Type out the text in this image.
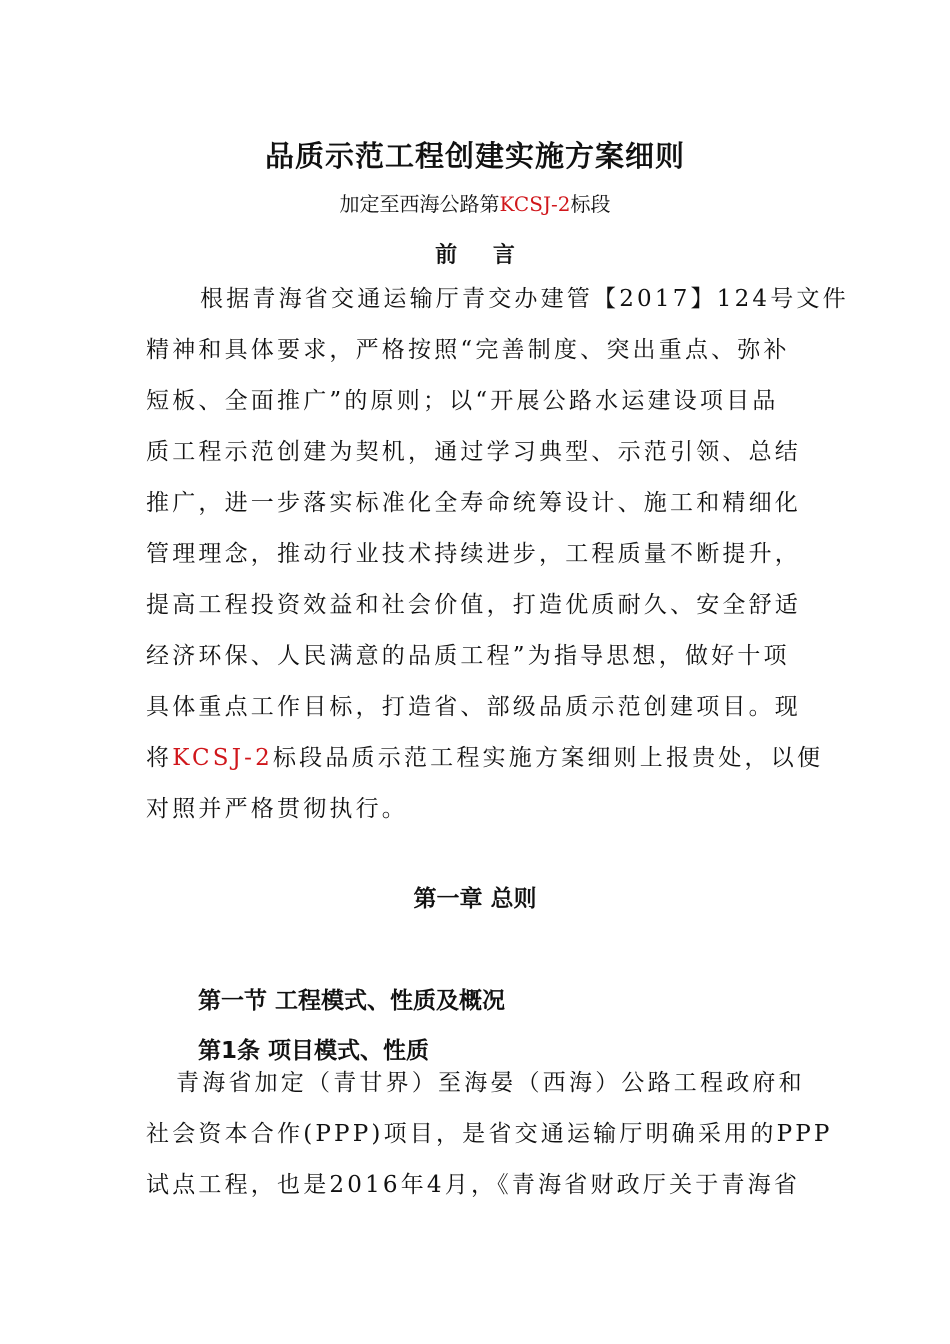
品质示范工程创建实施方案细则
加定至西海公路第KCSJ-2标段
前 言
根据青海省交通运输厅青交办建管【2017】124号文件
精神和具体要求，严格按照“完善制度、突出重点、弥补
短板、全面推广”的原则；以“开展公路水运建设项目品
质工程示范创建为契机，通过学习典型、示范引领、总结
推广，进一步落实标准化全寿命统筹设计、施工和精细化
管理理念，推动行业技术持续进步，工程质量不断提升，
提高工程投资效益和社会价值，打造优质耐久、安全舒适
经济环保、人民满意的品质工程”为指导思想，做好十项
具体重点工作目标，打造省、部级品质示范创建项目。现
将KCSJ-2标段品质示范工程实施方案细则上报贵处，以便
对照并严格贯彻执行。
第一章 总则
第一节 工程模式、性质及概况
第1条 项目模式、性质
青海省加定（青甘界）至海晏（西海）公路工程政府和
社会资本合作(PPP)项目，是省交通运输厅明确采用的PPP
试点工程，也是2016年4月，《青海省财政厅关于青海省
